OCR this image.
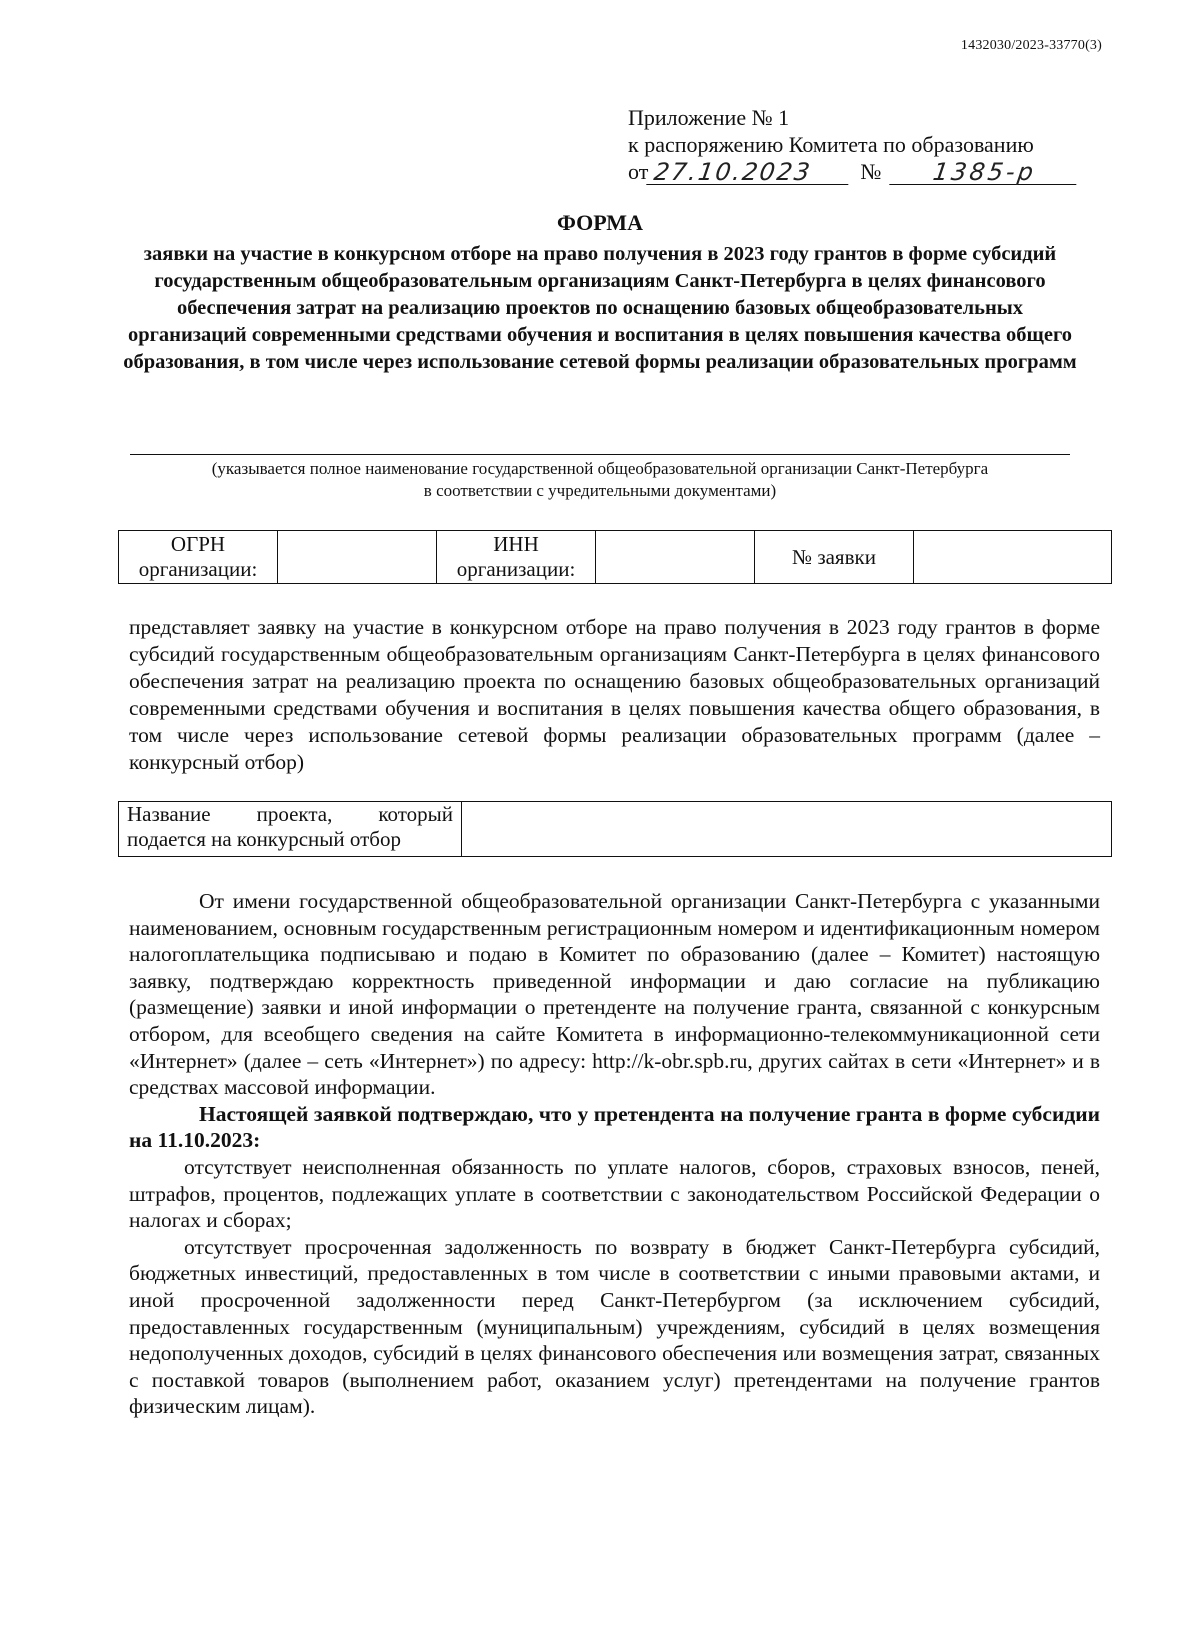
1432030/2023-33770(3)
Приложение № 1
к распоряжению Комитета по образованию
от 27.10.2023	№	1385-р
ФОРМА
заявки на участие в конкурсном отборе на право получения в 2023 году грантов в форме субсидий государственным общеобразовательным организациям Санкт-Петербурга в целях финансового обеспечения затрат на реализацию проектов по оснащению базовых общеобразовательных организаций современными средствами обучения и воспитания в целях повышения качества общего образования, в том числе через использование сетевой формы реализации образовательных программ
(указывается полное наименование государственной общеобразовательной организации Санкт-Петербурга
в соответствии с учредительными документами)
ОГРН организации:		ИНН организации:		№ заявки	
представляет заявку на участие в конкурсном отборе на право получения в 2023 году грантов в форме субсидий государственным общеобразовательным организациям Санкт-Петербурга в целях финансового обеспечения затрат на реализацию проекта по оснащению базовых общеобразовательных организаций современными средствами обучения и воспитания в целях повышения качества общего образования, в том числе через использование сетевой формы реализации образовательных программ (далее – конкурсный отбор)
Название проекта, который подается на конкурсный отбор	

От имени государственной общеобразовательной организации Санкт-Петербурга с указанными наименованием, основным государственным регистрационным номером и идентификационным номером налогоплательщика подписываю и подаю в Комитет по образованию (далее – Комитет) настоящую заявку, подтверждаю корректность приведенной информации и даю согласие на публикацию (размещение) заявки и иной информации о претенденте на получение гранта, связанной с конкурсным отбором, для всеобщего сведения на сайте Комитета в информационно-телекоммуникационной сети «Интернет» (далее – сеть «Интернет») по адресу: http://k-obr.spb.ru, других сайтах в сети «Интернет» и в средствах массовой информации.

Настоящей заявкой подтверждаю, что у претендента на получение гранта в форме субсидии на 11.10.2023:

отсутствует неисполненная обязанность по уплате налогов, сборов, страховых взносов, пеней, штрафов, процентов, подлежащих уплате в соответствии с законодательством Российской Федерации о налогах и сборах;

отсутствует просроченная задолженность по возврату в бюджет Санкт-Петербурга субсидий, бюджетных инвестиций, предоставленных в том числе в соответствии с иными правовыми актами, и иной просроченной задолженности перед Санкт-Петербургом (за исключением субсидий, предоставленных государственным (муниципальным) учреждениям, субсидий в целях возмещения недополученных доходов, субсидий в целях финансового обеспечения или возмещения затрат, связанных с поставкой товаров (выполнением работ, оказанием услуг) претендентами на получение грантов физическим лицам).
